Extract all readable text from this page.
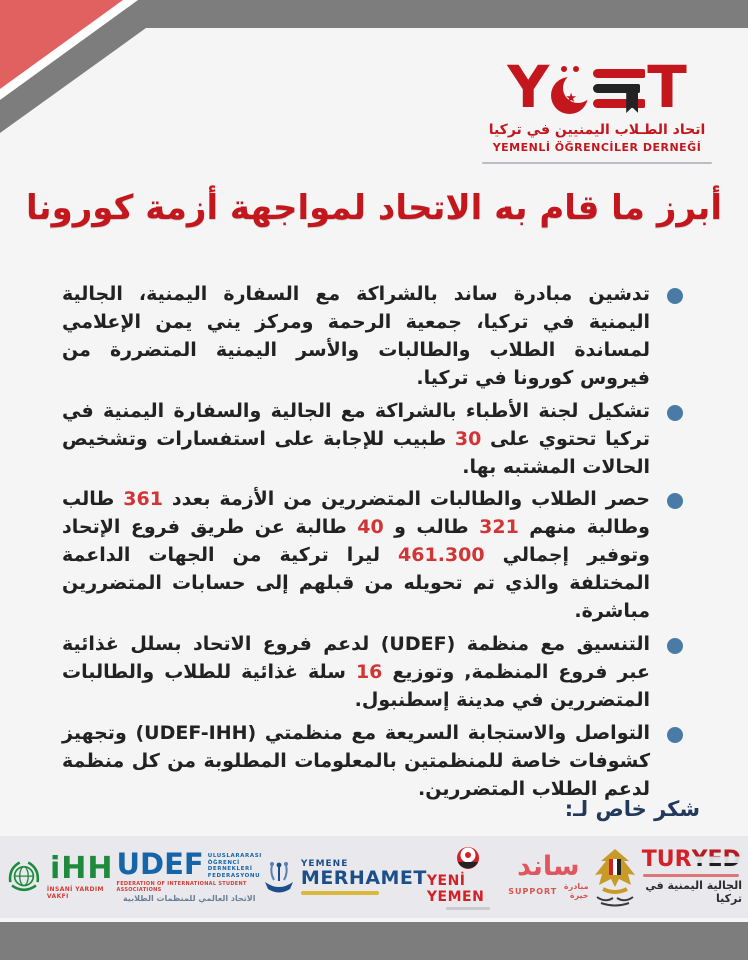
Y ★ T
اتحاد الطـلاب اليمنيين في تركيا
YEMENLİ ÖĞRENCİLER DERNEĞİ
أبرز ما قام به الاتحاد لمواجهة أزمة كورونا
تدشين مبادرة ساند بالشراكة مع السفارة اليمنية، الجالية اليمنية في تركيا، جمعية الرحمة ومركز يني يمن الإعلامي لمساندة الطلاب والطالبات والأسر اليمنية المتضررة من فيروس كورونا في تركيا.
تشكيل لجنة الأطباء بالشراكة مع الجالية والسفارة اليمنية في تركيا تحتوي على 30 طبيب للإجابة على استفسارات وتشخيص الحالات المشتبه بها.
حصر الطلاب والطالبات المتضررين من الأزمة بعدد 361 طالب وطالبة منهم 321 طالب و 40 طالبة عن طريق فروع الإتحاد وتوفير إجمالي 461.300 ليرا تركية من الجهات الداعمة المختلفة والذي تم تحويله من قبلهم إلى حسابات المتضررين مباشرة.
التنسيق مع منظمة (UDEF) لدعم فروع الاتحاد بسلل غذائية عبر فروع المنظمة, وتوزيع 16 سلة غذائية للطلاب والطالبات المتضررين في مدينة إسطنبول.
التواصل والاستجابة السريعة مع منظمتي (UDEF-IHH) وتجهيز كشوفات خاصة للمنظمتين بالمعلومات المطلوبة من كل منظمة لدعم الطلاب المتضررين.
شكر خاص لـ:
iHH
İNSANİ YARDIM VAKFI
UDEF ULUSLARARASI
ÖĞRENCİ DERNEKLERİ
FEDERASYONU
FEDERATION OF INTERNATIONAL STUDENT ASSOCIATIONS
الاتحاد العالمي للمنظمات الطلابية
YEMENE
MERHAMET YENİ YEMEN
ساند
SUPPORT مبادرة خيرة
TUR YED
الجالية اليمنية في تركيا
